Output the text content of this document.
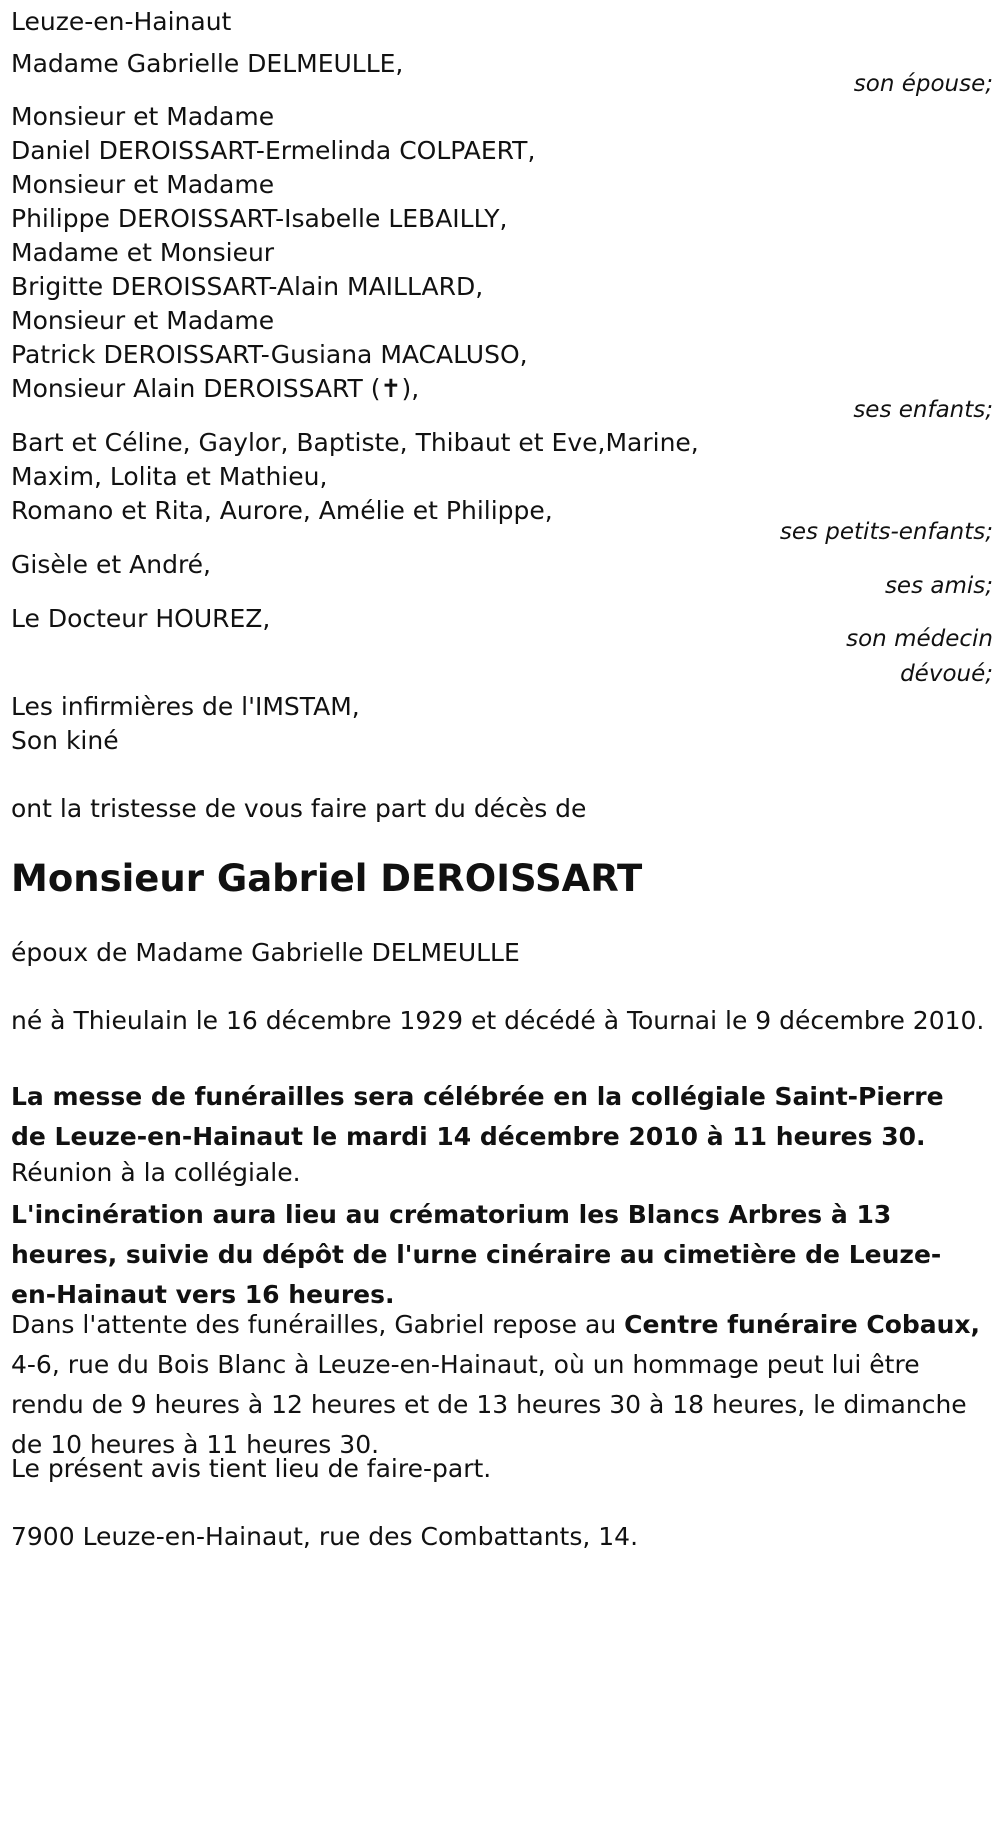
Leuze-en-Hainaut
Madame Gabrielle DELMEULLE,
son épouse;
Monsieur et Madame
Daniel DEROISSART-Ermelinda COLPAERT,
Monsieur et Madame
Philippe DEROISSART-Isabelle LEBAILLY,
Madame et Monsieur
Brigitte DEROISSART-Alain MAILLARD,
Monsieur et Madame
Patrick DEROISSART-Gusiana MACALUSO,
Monsieur Alain DEROISSART (✝),
ses enfants;
Bart et Céline, Gaylor, Baptiste, Thibaut et Eve,Marine,
Maxim, Lolita et Mathieu,
Romano et Rita, Aurore, Amélie et Philippe,
ses petits-enfants;
Gisèle et André,
ses amis;
Le Docteur HOUREZ,
son médecin
dévoué;
Les infirmières de l'IMSTAM,
Son kiné
ont la tristesse de vous faire part du décès de
Monsieur Gabriel DEROISSART
époux de Madame Gabrielle DELMEULLE
né à Thieulain le 16 décembre 1929 et décédé à Tournai le 9 décembre 2010.
La messe de funérailles sera célébrée en la collégiale Saint-Pierre de Leuze-en-Hainaut le mardi 14 décembre 2010 à 11 heures 30.
Réunion à la collégiale.
L'incinération aura lieu au crématorium les Blancs Arbres à 13 heures, suivie du dépôt de l'urne cinéraire au cimetière de Leuze-en-Hainaut vers 16 heures.
Dans l'attente des funérailles, Gabriel repose au Centre funéraire Cobaux, 4-6, rue du Bois Blanc à Leuze-en-Hainaut, où un hommage peut lui être rendu de 9 heures à 12 heures et de 13 heures 30 à 18 heures, le dimanche de 10 heures à 11 heures 30.
Le présent avis tient lieu de faire-part.
7900 Leuze-en-Hainaut, rue des Combattants, 14.
